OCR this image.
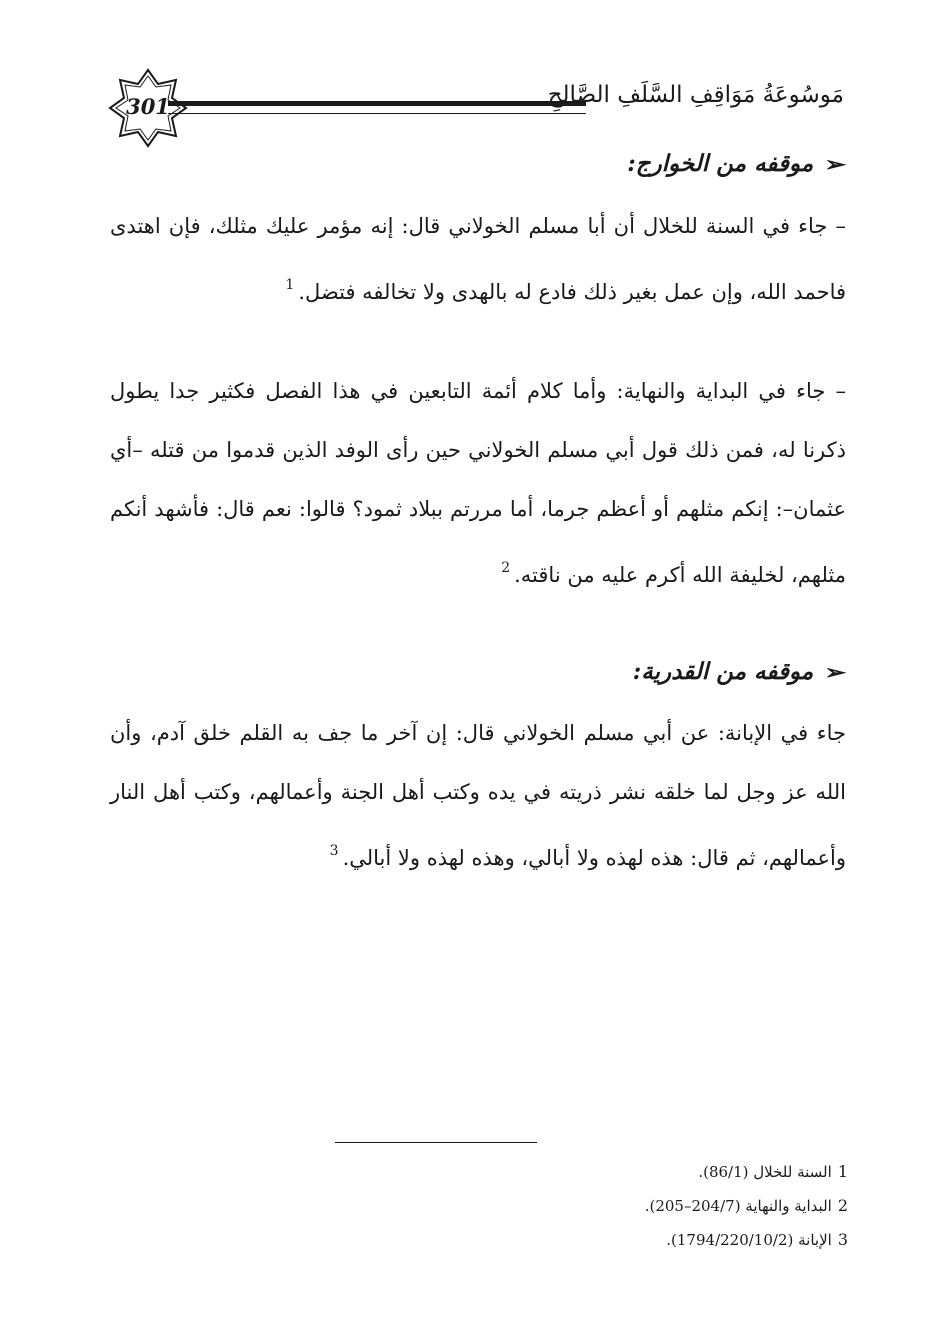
301	مَوسُوعَةُ مَوَاقِفِ السَّلَفِ الصَّالِحِ
➢موقفه من الخوارج:
– جاء في السنة للخلال أن أبا مسلم الخولاني قال: إنه مؤمر عليك مثلك، فإن اهتدى فاحمد الله، وإن عمل بغير ذلك فادع له بالهدى ولا تخالفه فتضل.$^1$
– جاء في البداية والنهاية: وأما كلام أئمة التابعين في هذا الفصل فكثير جدا يطول ذكرنا له، فمن ذلك قول أبي مسلم الخولاني حين رأى الوفد الذين قدموا من قتله –أي عثمان–: إنكم مثلهم أو أعظم جرما، أما مررتم ببلاد ثمود؟ قالوا: نعم قال: فأشهد أنكم مثلهم، لخليفة الله أكرم عليه من ناقته.$^2$
➢موقفه من القدرية:
جاء في الإبانة: عن أبي مسلم الخولاني قال: إن آخر ما جف به القلم خلق آدم، وأن الله عز وجل لما خلقه نشر ذريته في يده وكتب أهل الجنة وأعمالهم، وكتب أهل النار وأعمالهم، ثم قال: هذه لهذه ولا أبالي، وهذه لهذه ولا أبالي.$^3$
1السنة للخلال (86/1).
2البداية والنهاية (204/7–205).
3الإبانة (1794/220/10/2).
